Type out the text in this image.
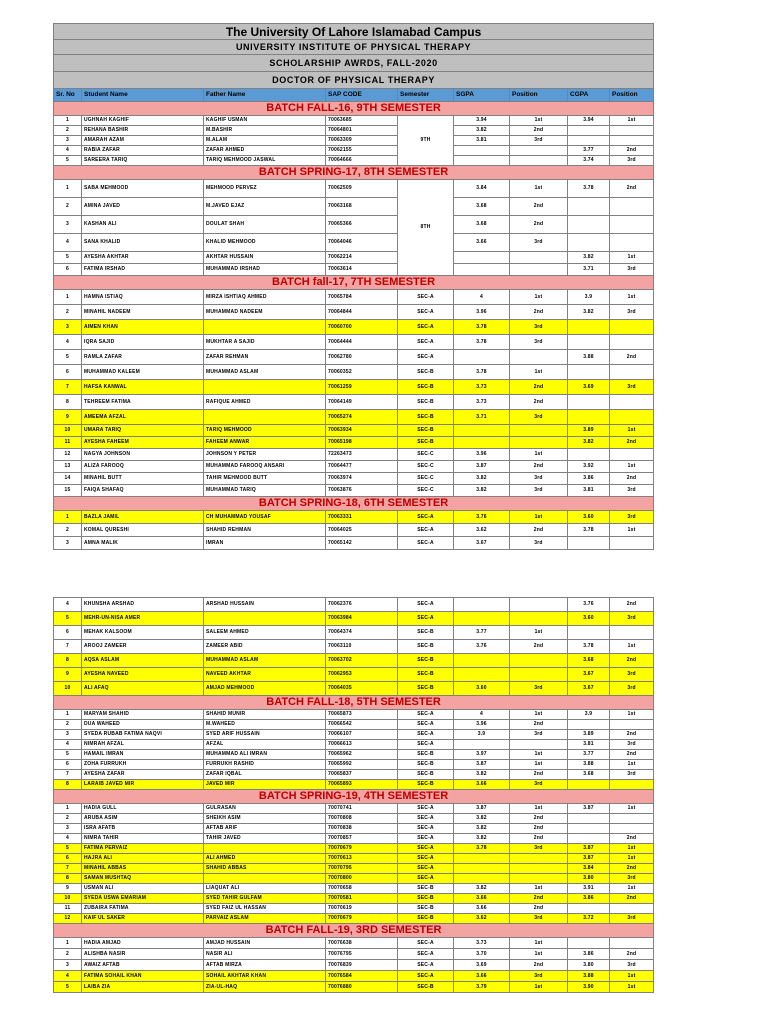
The University Of Lahore Islamabad Campus								
UNIVERSITY INSTITUTE OF PHYSICAL THERAPY								
SCHOLARSHIP AWRDS, FALL-2020								
DOCTOR OF PHYSICAL THERAPY								
Sr. No	Student Name	Father Name	SAP CODE	Semester	SGPA	Position	CGPA	Position
BATCH FALL-16, 9TH SEMESTER								
1	UGHNAH KAGHIF	KAGHIF USMAN	70063685	9TH	3.94	1st	3.94	1st
2	REHANA BASHIR	M.BASHIR	70064801		3.82	2nd		
3	AMARAH AZAM	M.ALAM	70063309		3.81	3rd		
4	RABIA ZAFAR	ZAFAR AHMED	70062155				3.77	2nd
5	SAREERA TARIQ	TARIQ MEHMOOD JASWAL	70064666				3.74	3rd
BATCH SPRING-17, 8TH SEMESTER								
1	SABA MEHMOOD	MEHMOOD PERVEZ	70062509	8TH	3.84	1st	3.78	2nd
2	AMINA JAVED	M.JAVED EJAZ	70063168		3.68	2nd		
3	KASHAN ALI	DOULAT SHAH	70065366		3.68	2nd		
4	SANA KHALID	KHALID MEHMOOD	70064046		3.66	3rd		
5	AYESHA AKHTAR	AKHTAR HUSSAIN	70062214				3.82	1st
6	FATIMA IRSHAD	MUHAMMAD IRSHAD	70063614				3.71	3rd
BATCH fall-17, 7TH SEMESTER								
1	HAMNA ISTIAQ	MIRZA ISHTIAQ AHMED	70065784	SEC-A	4	1st	3.9	1st
2	MINAHIL NADEEM	MUHAMMAD NADEEM	70064844	SEC-A	3.96	2nd	3.82	3rd
3	AIMEN KHAN		70060700	SEC-A	3.78	3rd		
4	IQRA SAJID	MUKHTAR A SAJID	70064444	SEC-A	3.78	3rd		
5	RAMLA ZAFAR	ZAFAR REHMAN	70062780	SEC-A			3.88	2nd
6	MUHAMMAD KALEEM	MUHAMMAD ASLAM	70060352	SEC-B	3.78	1st		
7	HAFSA KANWAL		70061259	SEC-B	3.73	2nd	3.69	3rd
8	TEHREEM FATIMA	RAFIQUE AHMED	70064149	SEC-B	3.73	2nd		
9	AMEEMA AFZAL		70065274	SEC-B	3.71	3rd		
10	UMARA TARIQ	TARIQ MEHMOOD	70063934	SEC-B			3.89	1st
11	AYESHA FAHEEM	FAHEEM ANWAR	70065198	SEC-B			3.82	2nd
12	NAGYA JOHNSON	JOHNSON Y PETER	72263473	SEC-C	3.96	1st		
13	ALIZA FAROOQ	MUHAMMAD FAROOQ ANSARI	70064477	SEC-C	3.87	2nd	3.92	1st
14	MINAHIL BUTT	TAHIR MEHMOOD BUTT	70063974	SEC-C	3.82	3rd	3.86	2nd
15	FAIQA SHAFAQ	MUHAMMAD TARIQ	70063876	SEC-C	3.82	3rd	3.81	3rd
BATCH SPRING-18, 6TH SEMESTER								
1	BAZLA JAMIL	CH MUHAMMAD YOUSAF	70063331	SEC-A	3.76	1st	3.60	3rd
2	KOMAL QURESHI	SHAHID REHMAN	70064025	SEC-A	3.62	2nd	3.78	1st
3	AMNA MALIK	IMRAN	70065142	SEC-A	3.67	3rd		

4	KHUNSHA ARSHAD	ARSHAD HUSSAIN	70062376	SEC-A			3.76	2nd
5	MEHR-UN-NISA AMER		70063984	SEC-A			3.60	3rd
6	MEHAK KALSOOM	SALEEM AHMED	70064374	SEC-B	3.77	1st		
7	AROOJ ZAMEER	ZAMEER ABID	70063110	SEC-B	3.76	2nd	3.78	1st
8	AQSA ASLAM	MUHAMMAD ASLAM	70063702	SEC-B			3.68	2nd
9	AYESHA NAVEED	NAVEED AKHTAR	70062953	SEC-B			3.67	3rd
10	ALI AFAQ	AMJAD MEHMOOD	70064035	SEC-B	3.60	3rd	3.67	3rd
BATCH FALL-18, 5TH SEMESTER								
1	MARYAM SHAHID	SHAHID MUNIR	70065873	SEC-A	4	1st	3.9	1st
2	DUA WAHEED	M.WAHEED	70066542	SEC-A	3.96	2nd		
3	SYEDA RUBAB FATIMA NAQVI	SYED ARIF HUSSAIN	70066107	SEC-A	3.9	3rd	3.89	2nd
4	NIMRAH AFZAL	AFZAL	70066613	SEC-A			3.81	3rd
5	HAMAIL IMRAN	MUHAMMAD ALI IMRAN	70065962	SEC-B	3.97	1st	3.77	2nd
6	ZOHA FURRUKH	FURRUKH RASHID	70065992	SEC-B	3.87	1st	3.88	1st
7	AYESHA ZAFAR	ZAFAR IQBAL	70065837	SEC-B	3.82	2nd	3.68	3rd
8	LARAIB JAVED MIR	JAVED MIR	70065893	SEC-B	3.66	3rd		
BATCH SPRING-19, 4TH SEMESTER								
1	HADIA GULL	GULRASAN	70070741	SEC-A	3.87	1st	3.87	1st
2	ARUBA ASIM	SHEIKH ASIM	70070808	SEC-A	3.82	2nd		
3	ISRA AFATB	AFTAB ARIF	70070838	SEC-A	3.82	2nd		
4	NIMRA TAHIR	TAHIR JAVED	70070857	SEC-A	3.82	2nd		2nd
5	FATIMA PERVAIZ		70070679	SEC-A	3.78	3rd	3.87	1st
6	HAJRA ALI	ALI AHMED	70070613	SEC-A			3.87	1st
7	MINAHIL ABBAS	SHAHID ABBAS	70070795	SEC-A			3.84	2nd
8	SAMAN MUSHTAQ		70070800	SEC-A			3.80	3rd
9	USMAN ALI	LIAQUAT ALI	70070658	SEC-B	3.82	1st	3.91	1st
10	SYEDA USWA EMARIAM	SYED TAHIR GULFAM	70070581	SEC-B	3.66	2nd	3.86	2nd
11	ZUBAIRA FATIMA	SYED FAIZ UL HASSAN	70070619	SEC-B	3.66	2nd		
12	KAIF UL SAKER	PARVAIZ ASLAM	70070679	SEC-B	3.62	3rd	3.72	3rd
BATCH FALL-19, 3RD SEMESTER								
1	HADIA AMJAD	AMJAD HUSSAIN	70076638	SEC-A	3.73	1st		
2	ALISHBA NASIR	NASIR ALI	70076795	SEC-A	3.70	1st	3.86	2nd
3	AWAIZ AFTAB	AFTAB MIRZA	70076839	SEC-A	3.69	2nd	3.80	3rd
4	FATIMA SOHAIL KHAN	SOHAIL AKHTAR KHAN	70076584	SEC-A	3.66	3rd	3.88	1st
5	LAIBA ZIA	ZIA-UL-HAQ	70076880	SEC-B	3.79	1st	3.90	1st
